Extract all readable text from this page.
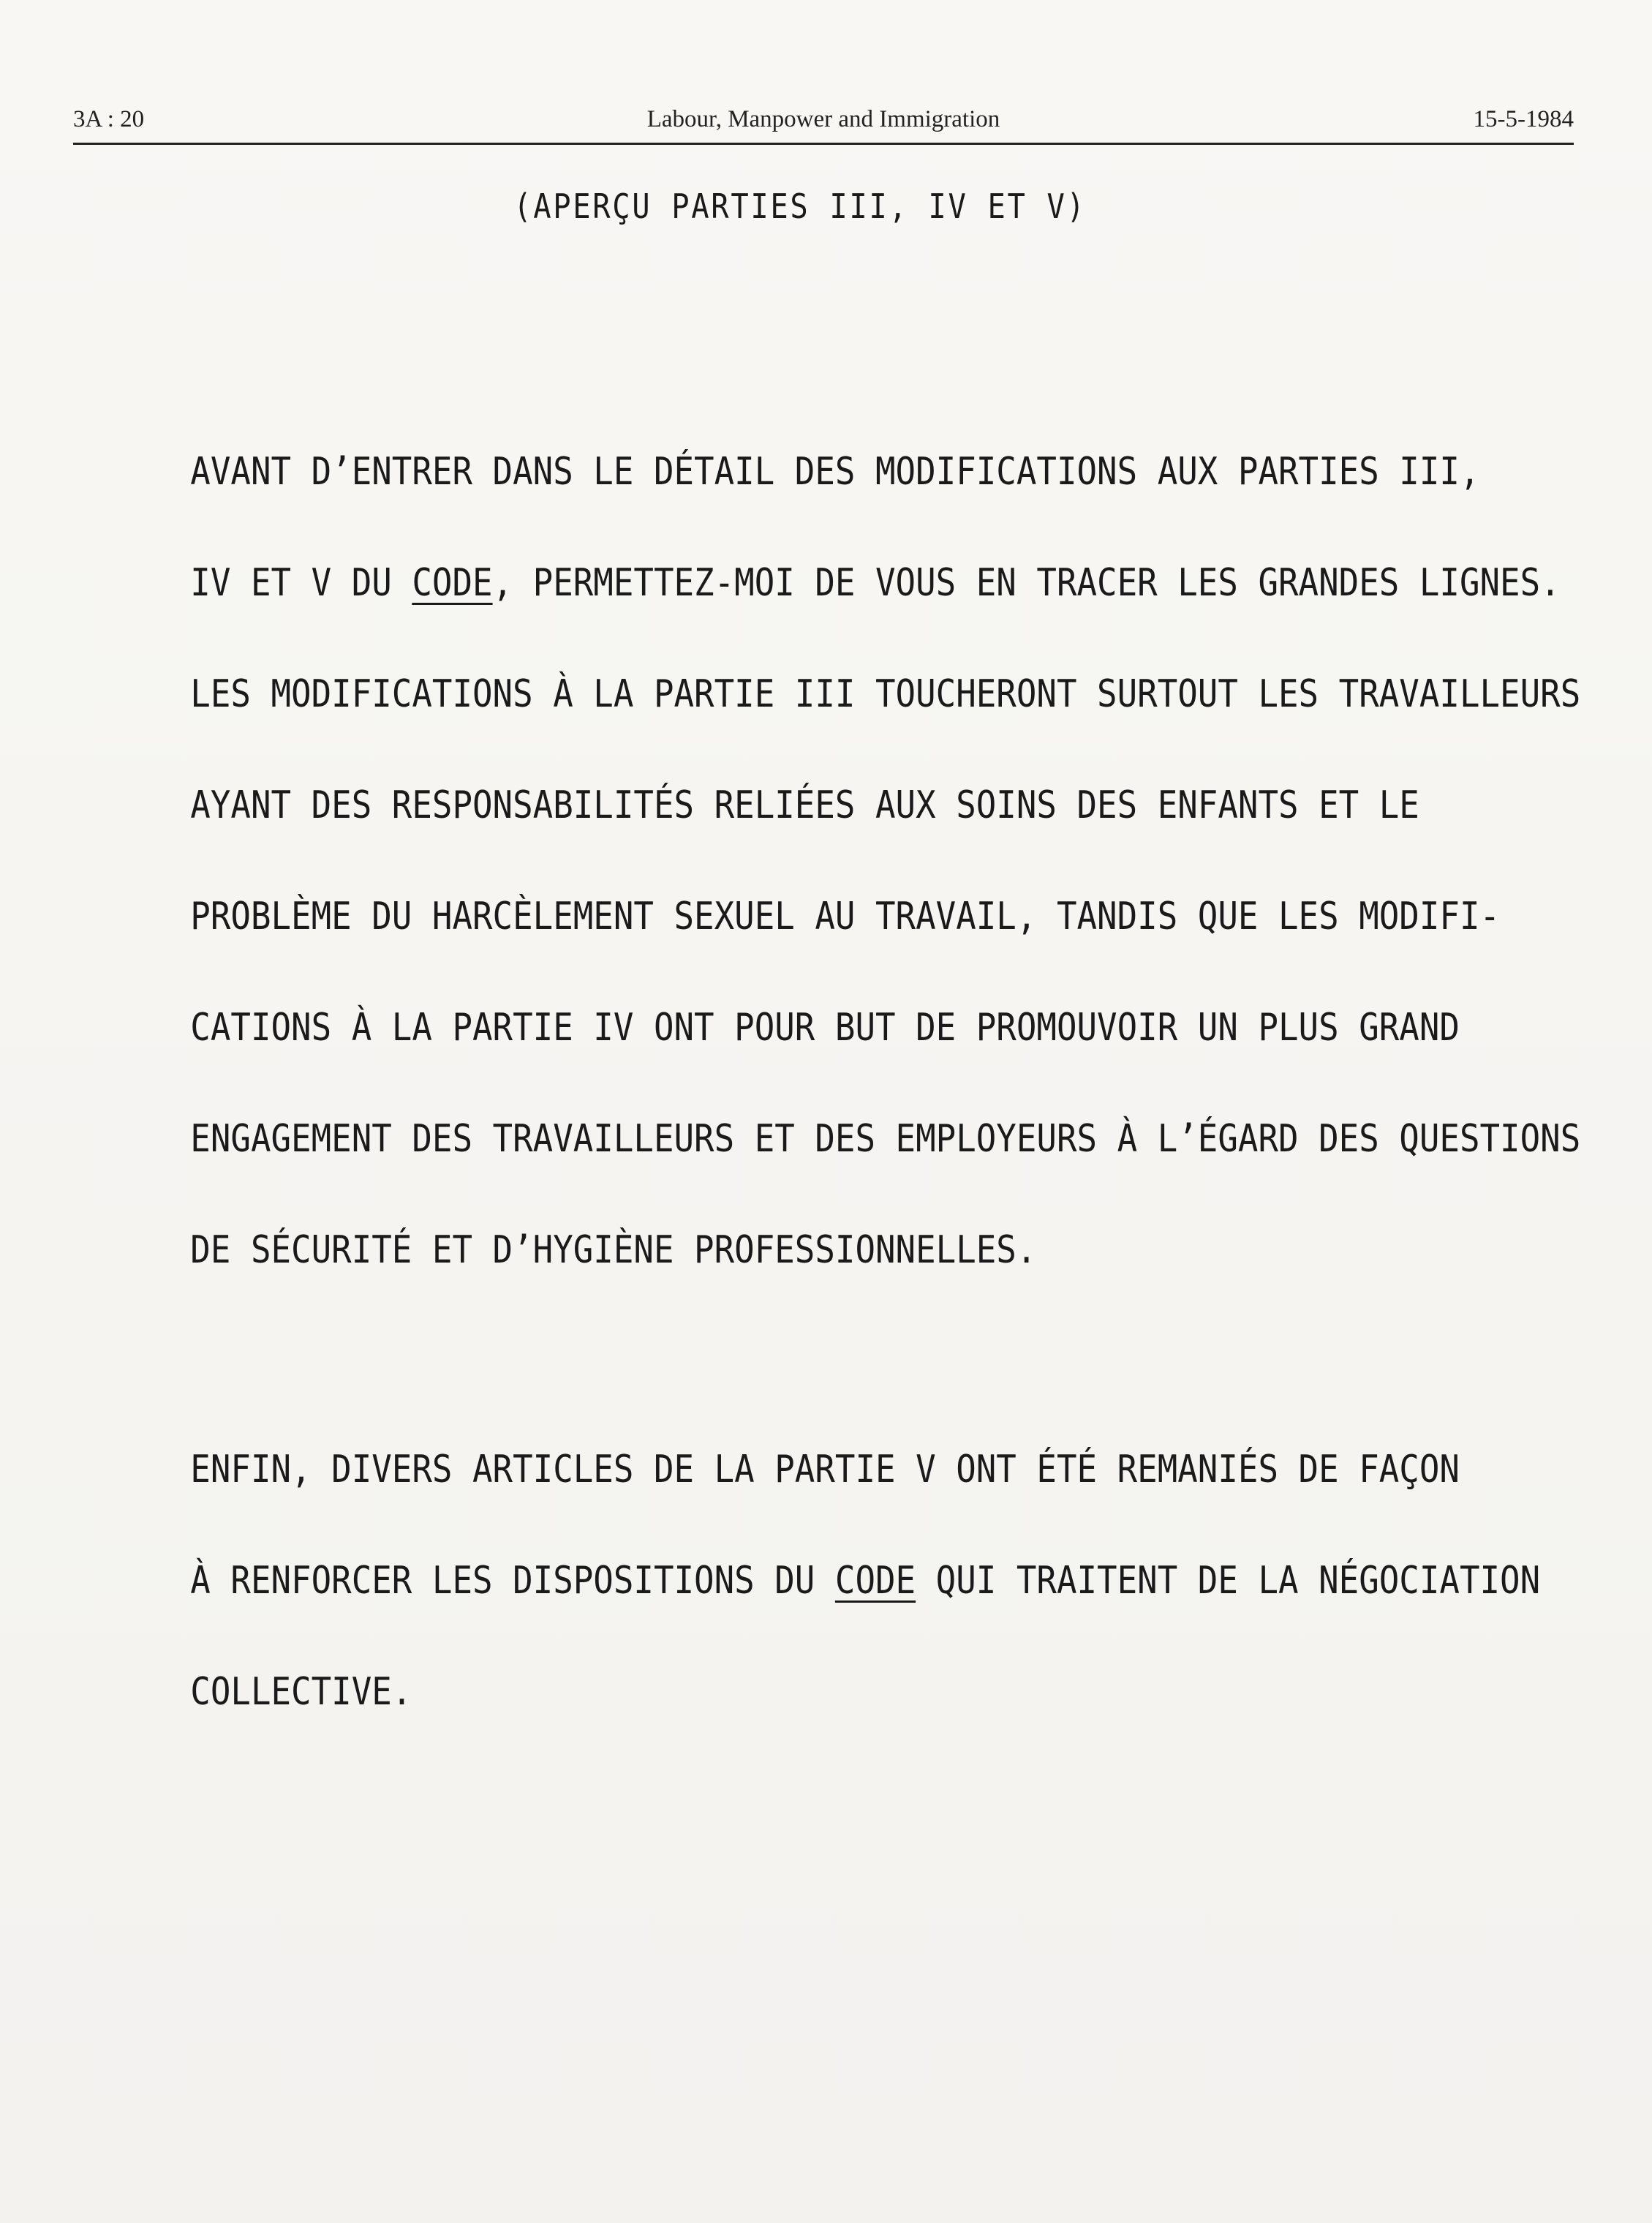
3A : 20	Labour, Manpower and Immigration	15-5-1984
(APERÇU PARTIES III, IV ET V)

AVANT D’ENTRER DANS LE DÉTAIL DES MODIFICATIONS AUX PARTIES III,

IV ET V DU CODE, PERMETTEZ-MOI DE VOUS EN TRACER LES GRANDES LIGNES.

LES MODIFICATIONS À LA PARTIE III TOUCHERONT SURTOUT LES TRAVAILLEURS

AYANT DES RESPONSABILITÉS RELIÉES AUX SOINS DES ENFANTS ET LE

PROBLÈME DU HARCÈLEMENT SEXUEL AU TRAVAIL, TANDIS QUE LES MODIFI-

CATIONS À LA PARTIE IV ONT POUR BUT DE PROMOUVOIR UN PLUS GRAND

ENGAGEMENT DES TRAVAILLEURS ET DES EMPLOYEURS À L’ÉGARD DES QUESTIONS

DE SÉCURITÉ ET D’HYGIÈNE PROFESSIONNELLES.

ENFIN, DIVERS ARTICLES DE LA PARTIE V ONT ÉTÉ REMANIÉS DE FAÇON

À RENFORCER LES DISPOSITIONS DU CODE QUI TRAITENT DE LA NÉGOCIATION

COLLECTIVE.
